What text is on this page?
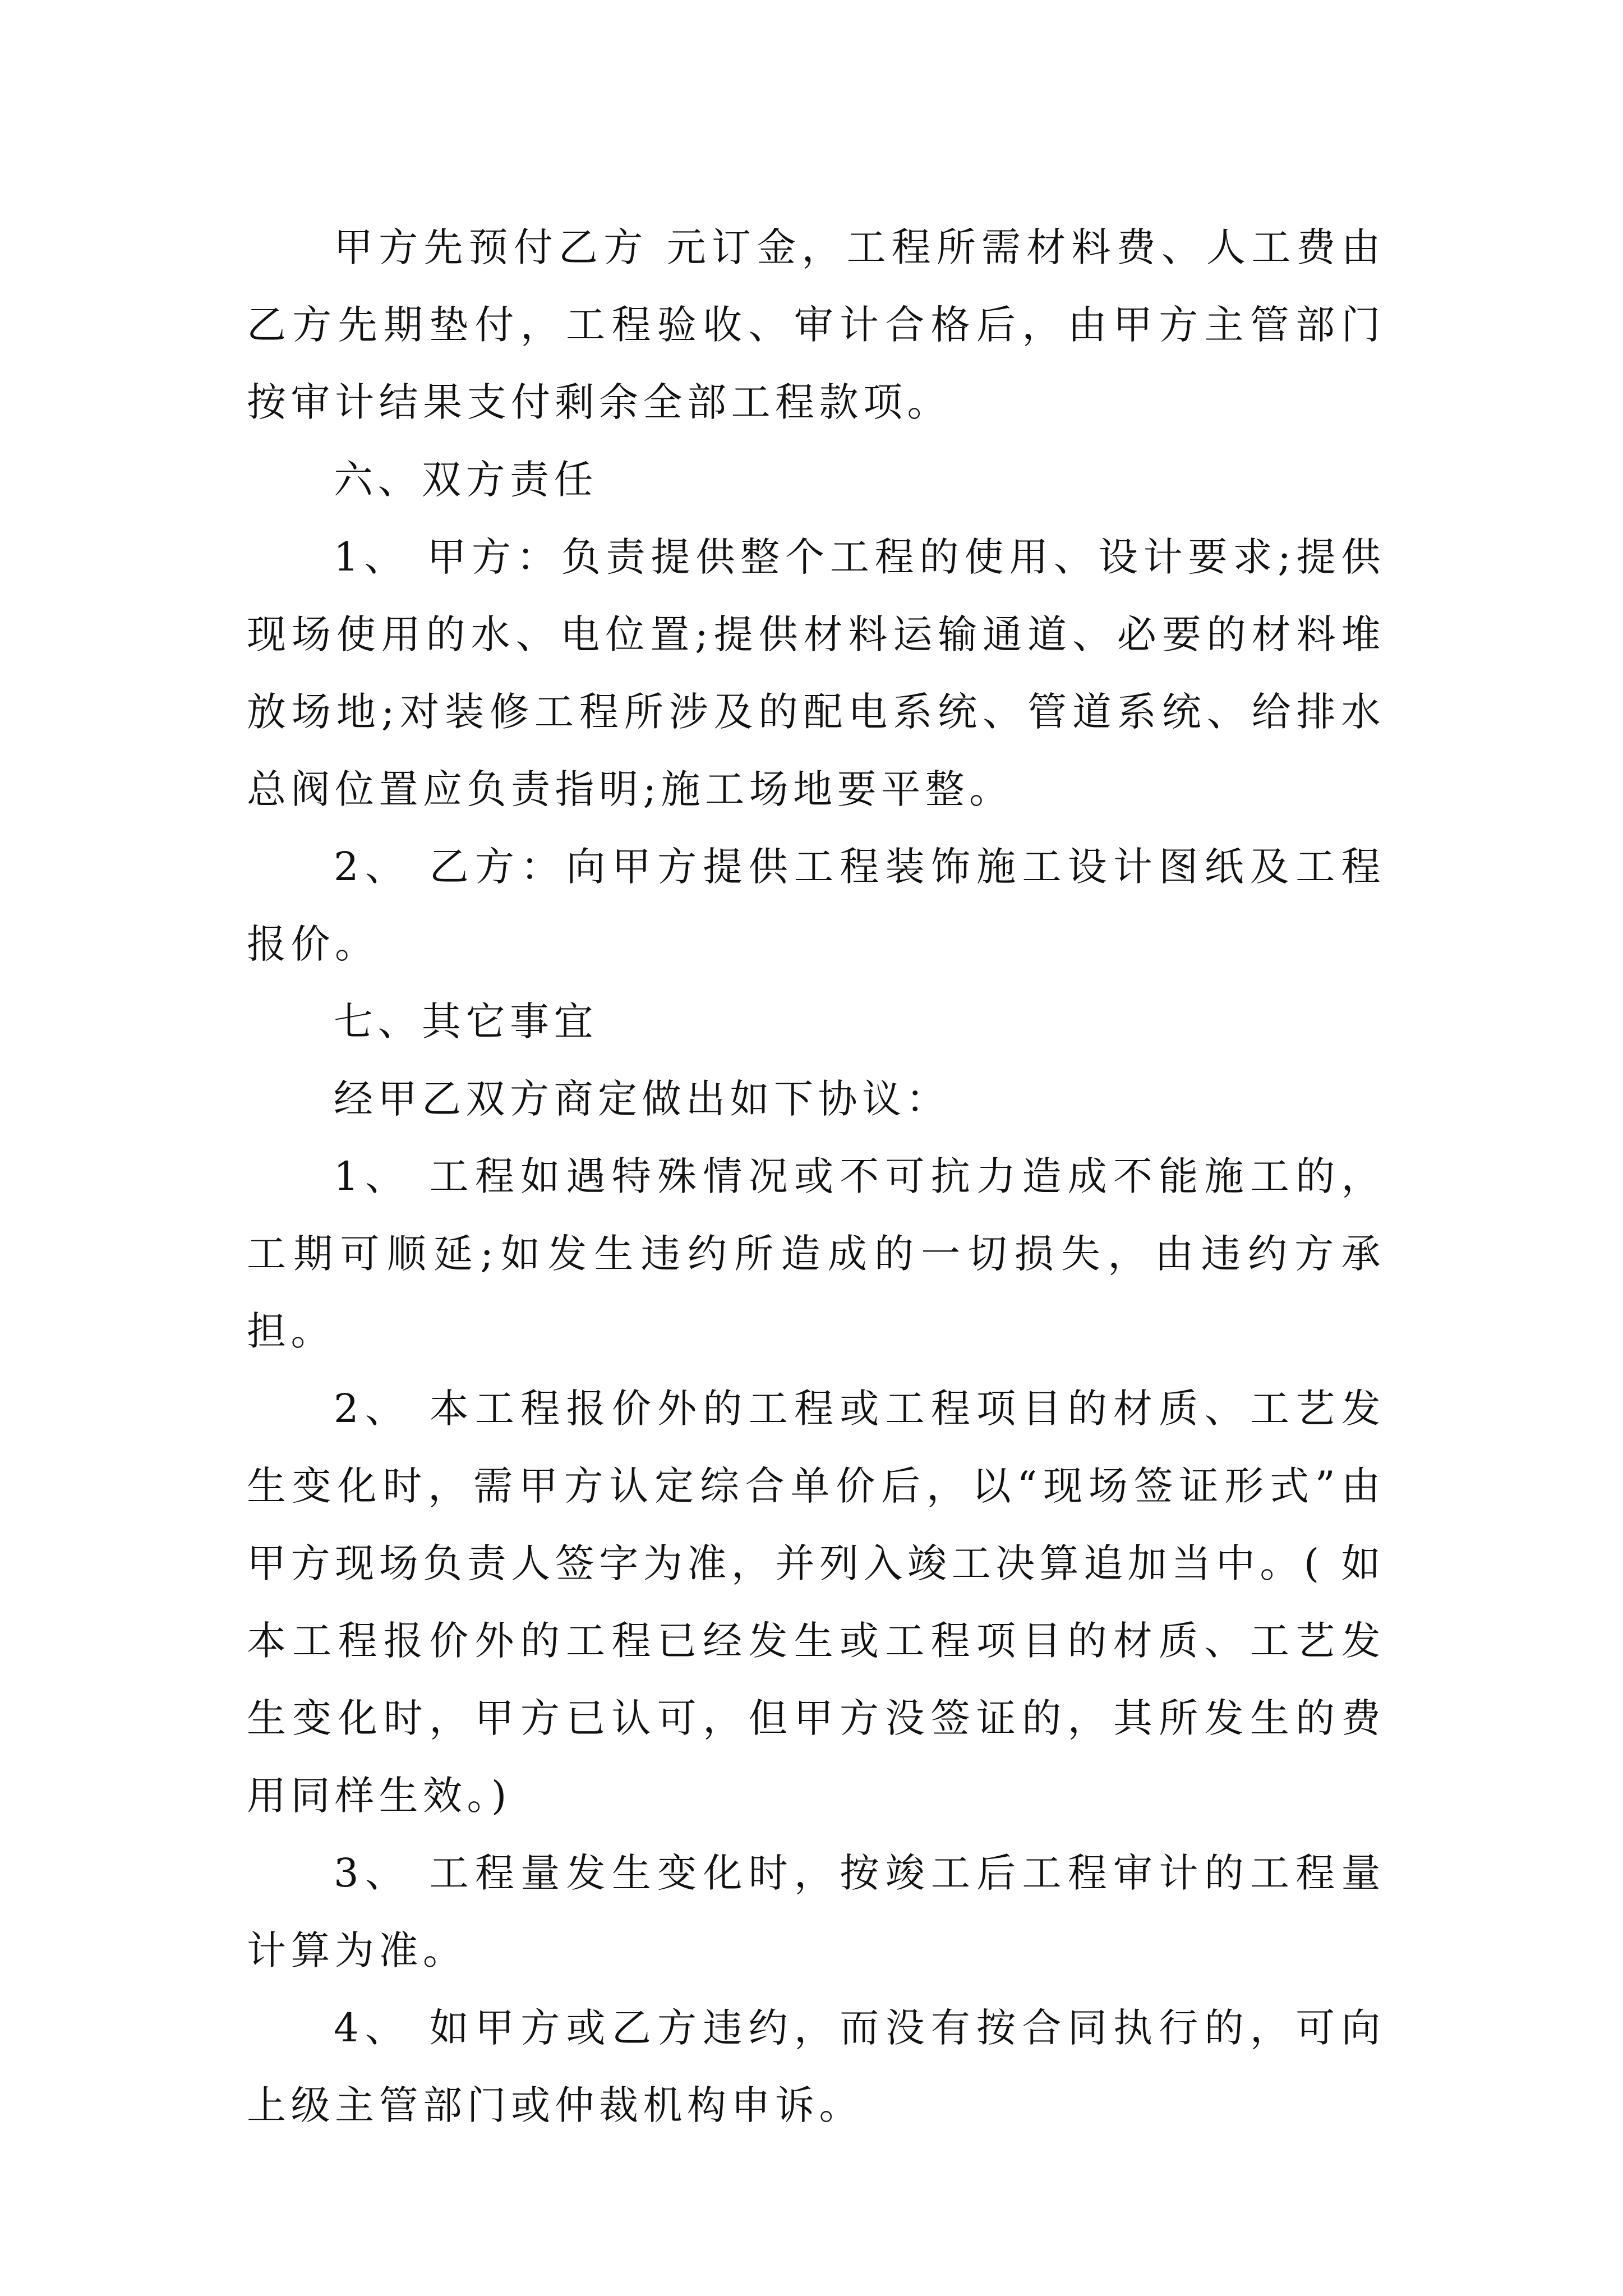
甲方先预付乙方 元订金，工程所需材料费、人工费由乙方先期垫付，工程验收、审计合格后，由甲方主管部门按审计结果支付剩余全部工程款项。

六、双方责任

1、 甲方：负责提供整个工程的使用、设计要求;提供现场使用的水、电位置;提供材料运输通道、必要的材料堆放场地;对装修工程所涉及的配电系统、管道系统、给排水总阀位置应负责指明;施工场地要平整。

2、 乙方：向甲方提供工程装饰施工设计图纸及工程报价。

七、其它事宜

经甲乙双方商定做出如下协议：

1、 工程如遇特殊情况或不可抗力造成不能施工的，工期可顺延;如发生违约所造成的一切损失，由违约方承担。

2、 本工程报价外的工程或工程项目的材质、工艺发生变化时，需甲方认定综合单价后，以“现场签证形式”由甲方现场负责人签字为准，并列入竣工决算追加当中。( 如本工程报价外的工程已经发生或工程项目的材质、工艺发生变化时，甲方已认可，但甲方没签证的，其所发生的费用同样生效。)

3、 工程量发生变化时，按竣工后工程审计的工程量计算为准。

4、 如甲方或乙方违约，而没有按合同执行的，可向上级主管部门或仲裁机构申诉。
